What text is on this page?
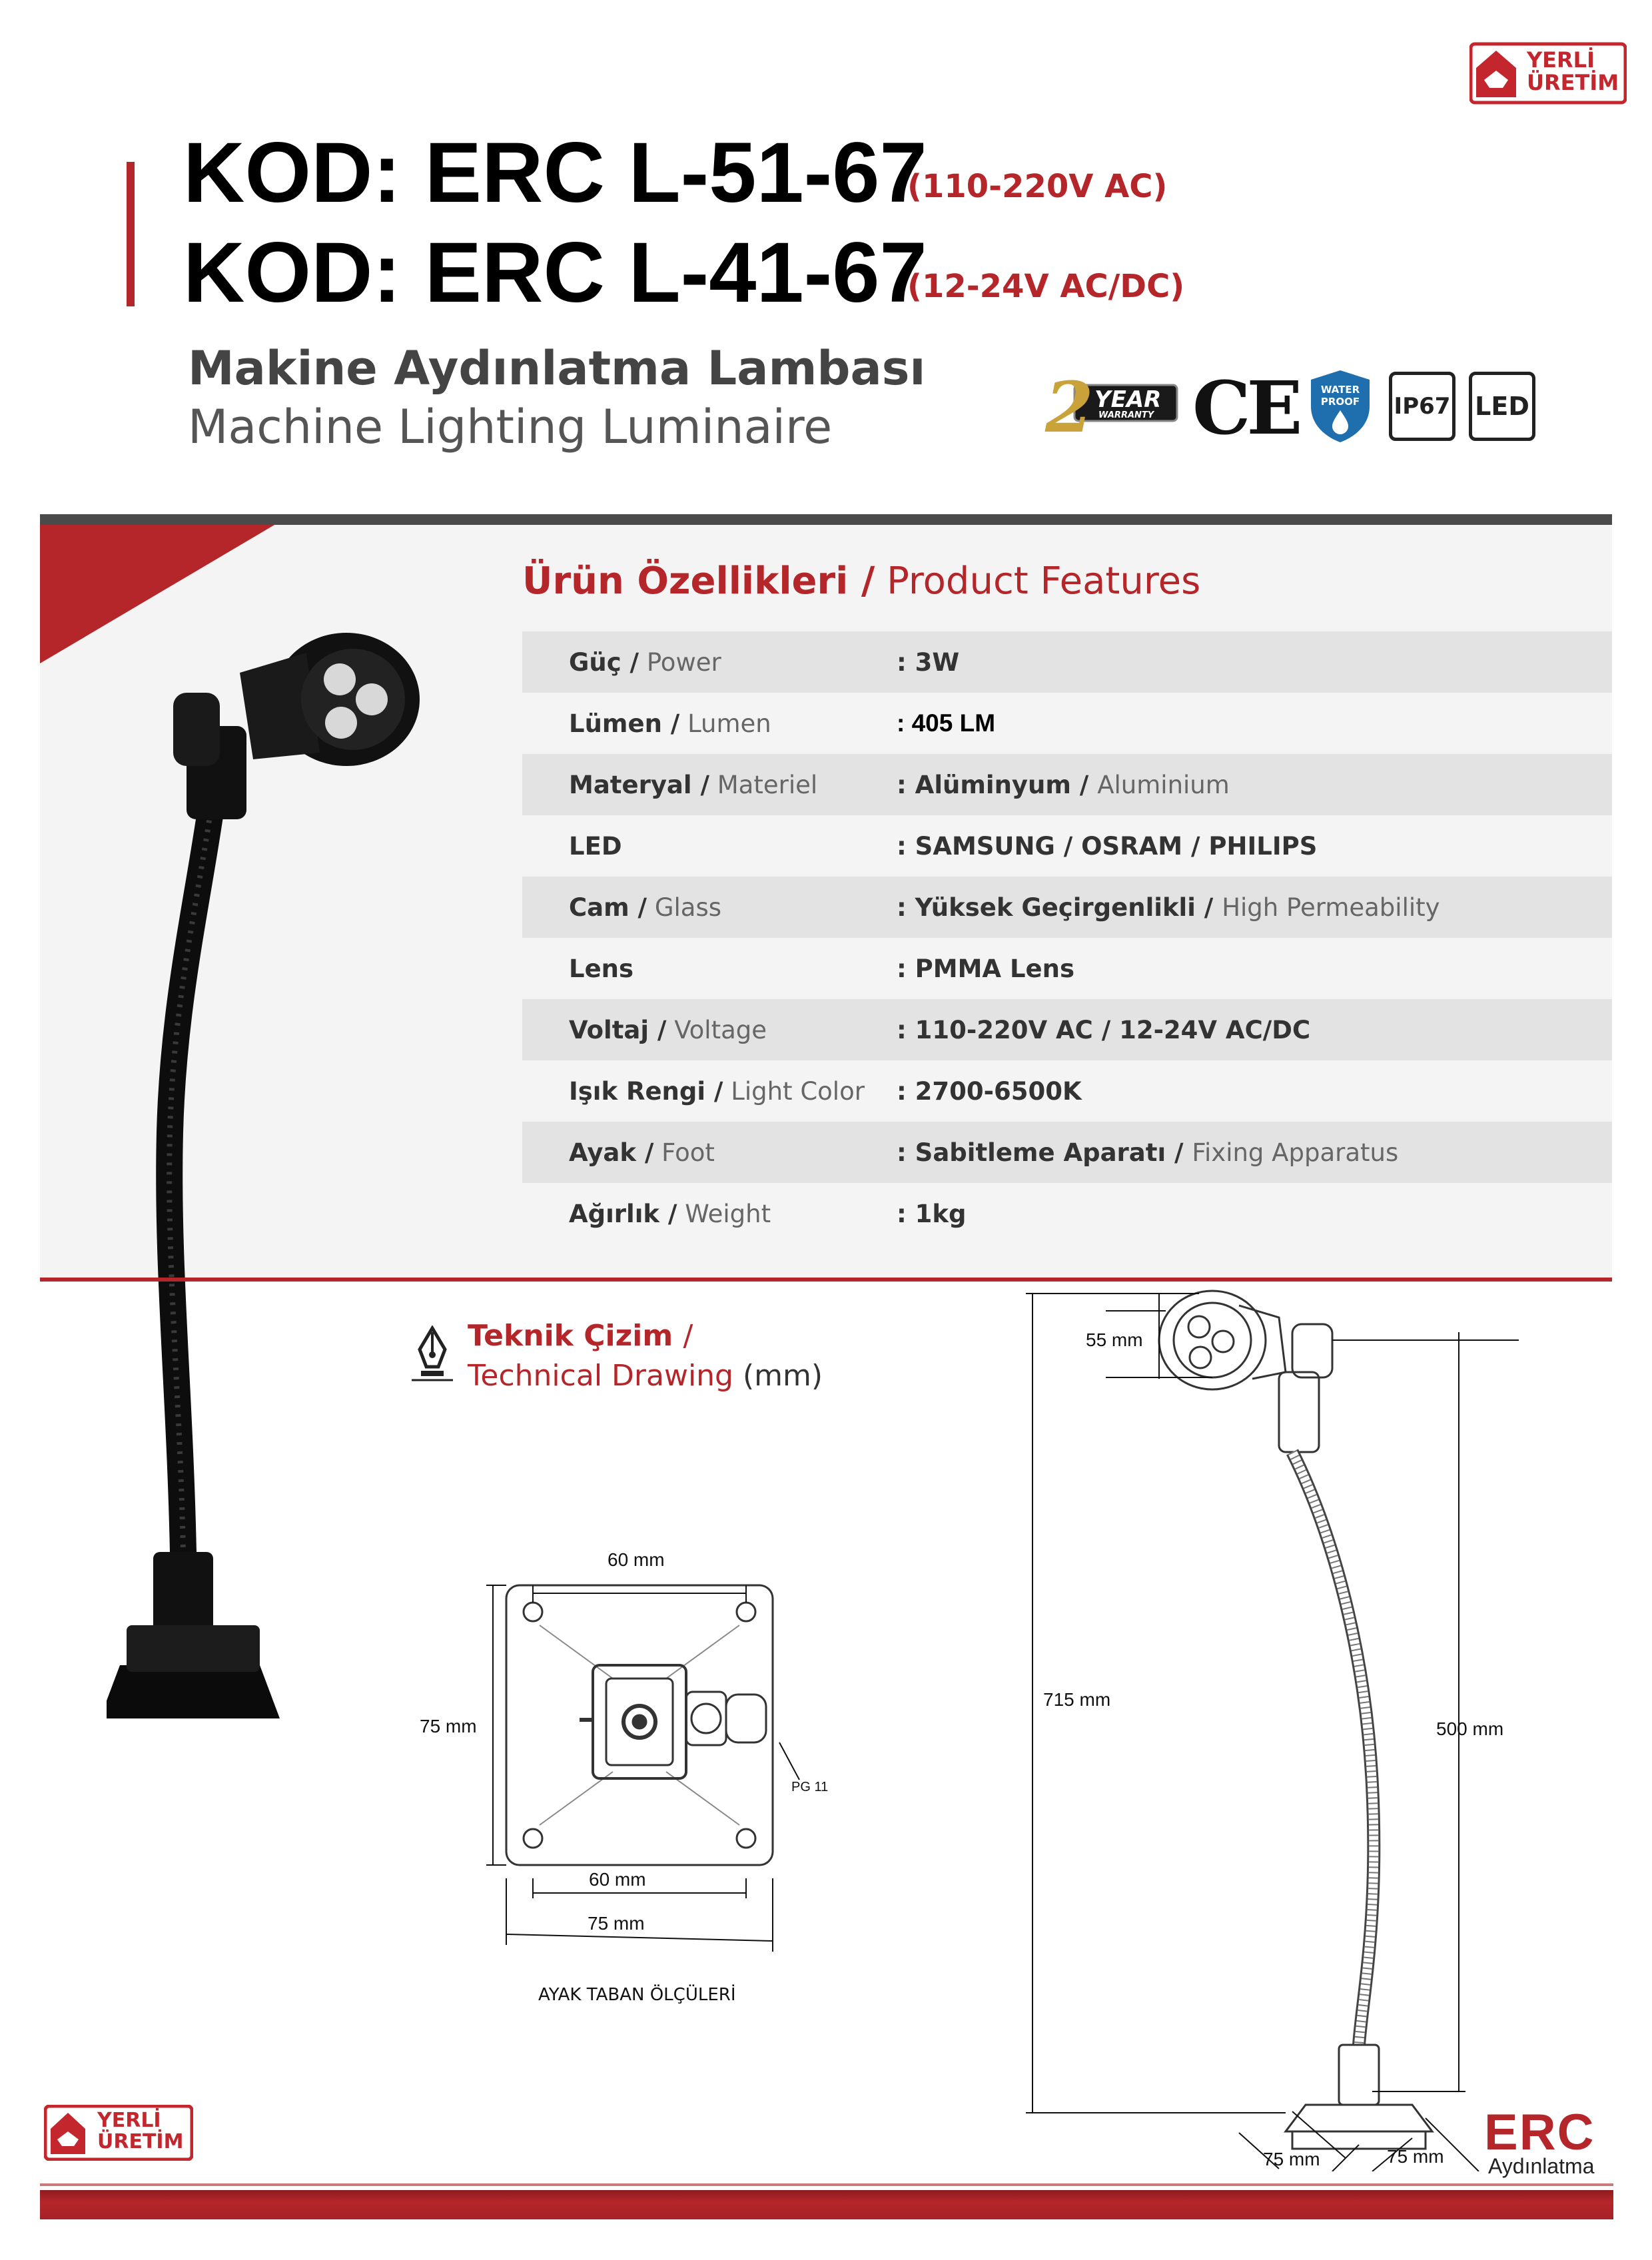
YERLİ
ÜRETİM
KOD: ERC L-51-67
(110-220V AC)
KOD: ERC L-41-67
(12-24V AC/DC)
Makine Aydınlatma Lambası
Machine Lighting Luminaire	2 YEAR
WARRANTY CE	WATER
PROOF	IP67 LED
Ürün Özellikleri / Product Features
Güç / Power	: 3W
Lümen / Lumen	: 405 LM
Materyal / Materiel	: Alüminyum / Aluminium
LED	: SAMSUNG / OSRAM / PHILIPS
Cam / Glass	: Yüksek Geçirgenlikli / High Permeability
Lens	: PMMA Lens
Voltaj / Voltage	: 110-220V AC / 12-24V AC/DC
Işık Rengi / Light Color	: 2700-6500K
Ayak / Foot	: Sabitleme Aparatı / Fixing Apparatus
Ağırlık / Weight	: 1kg
Teknik Çizim /
Technical Drawing (mm)
60 mm
75 mm
60 mm
75 mm
PG 11
AYAK TABAN ÖLÇÜLERİ
55 mm
715 mm
500 mm
75 mm	75 mm
YERLİ
ÜRETİM	ERC
Aydınlatma
